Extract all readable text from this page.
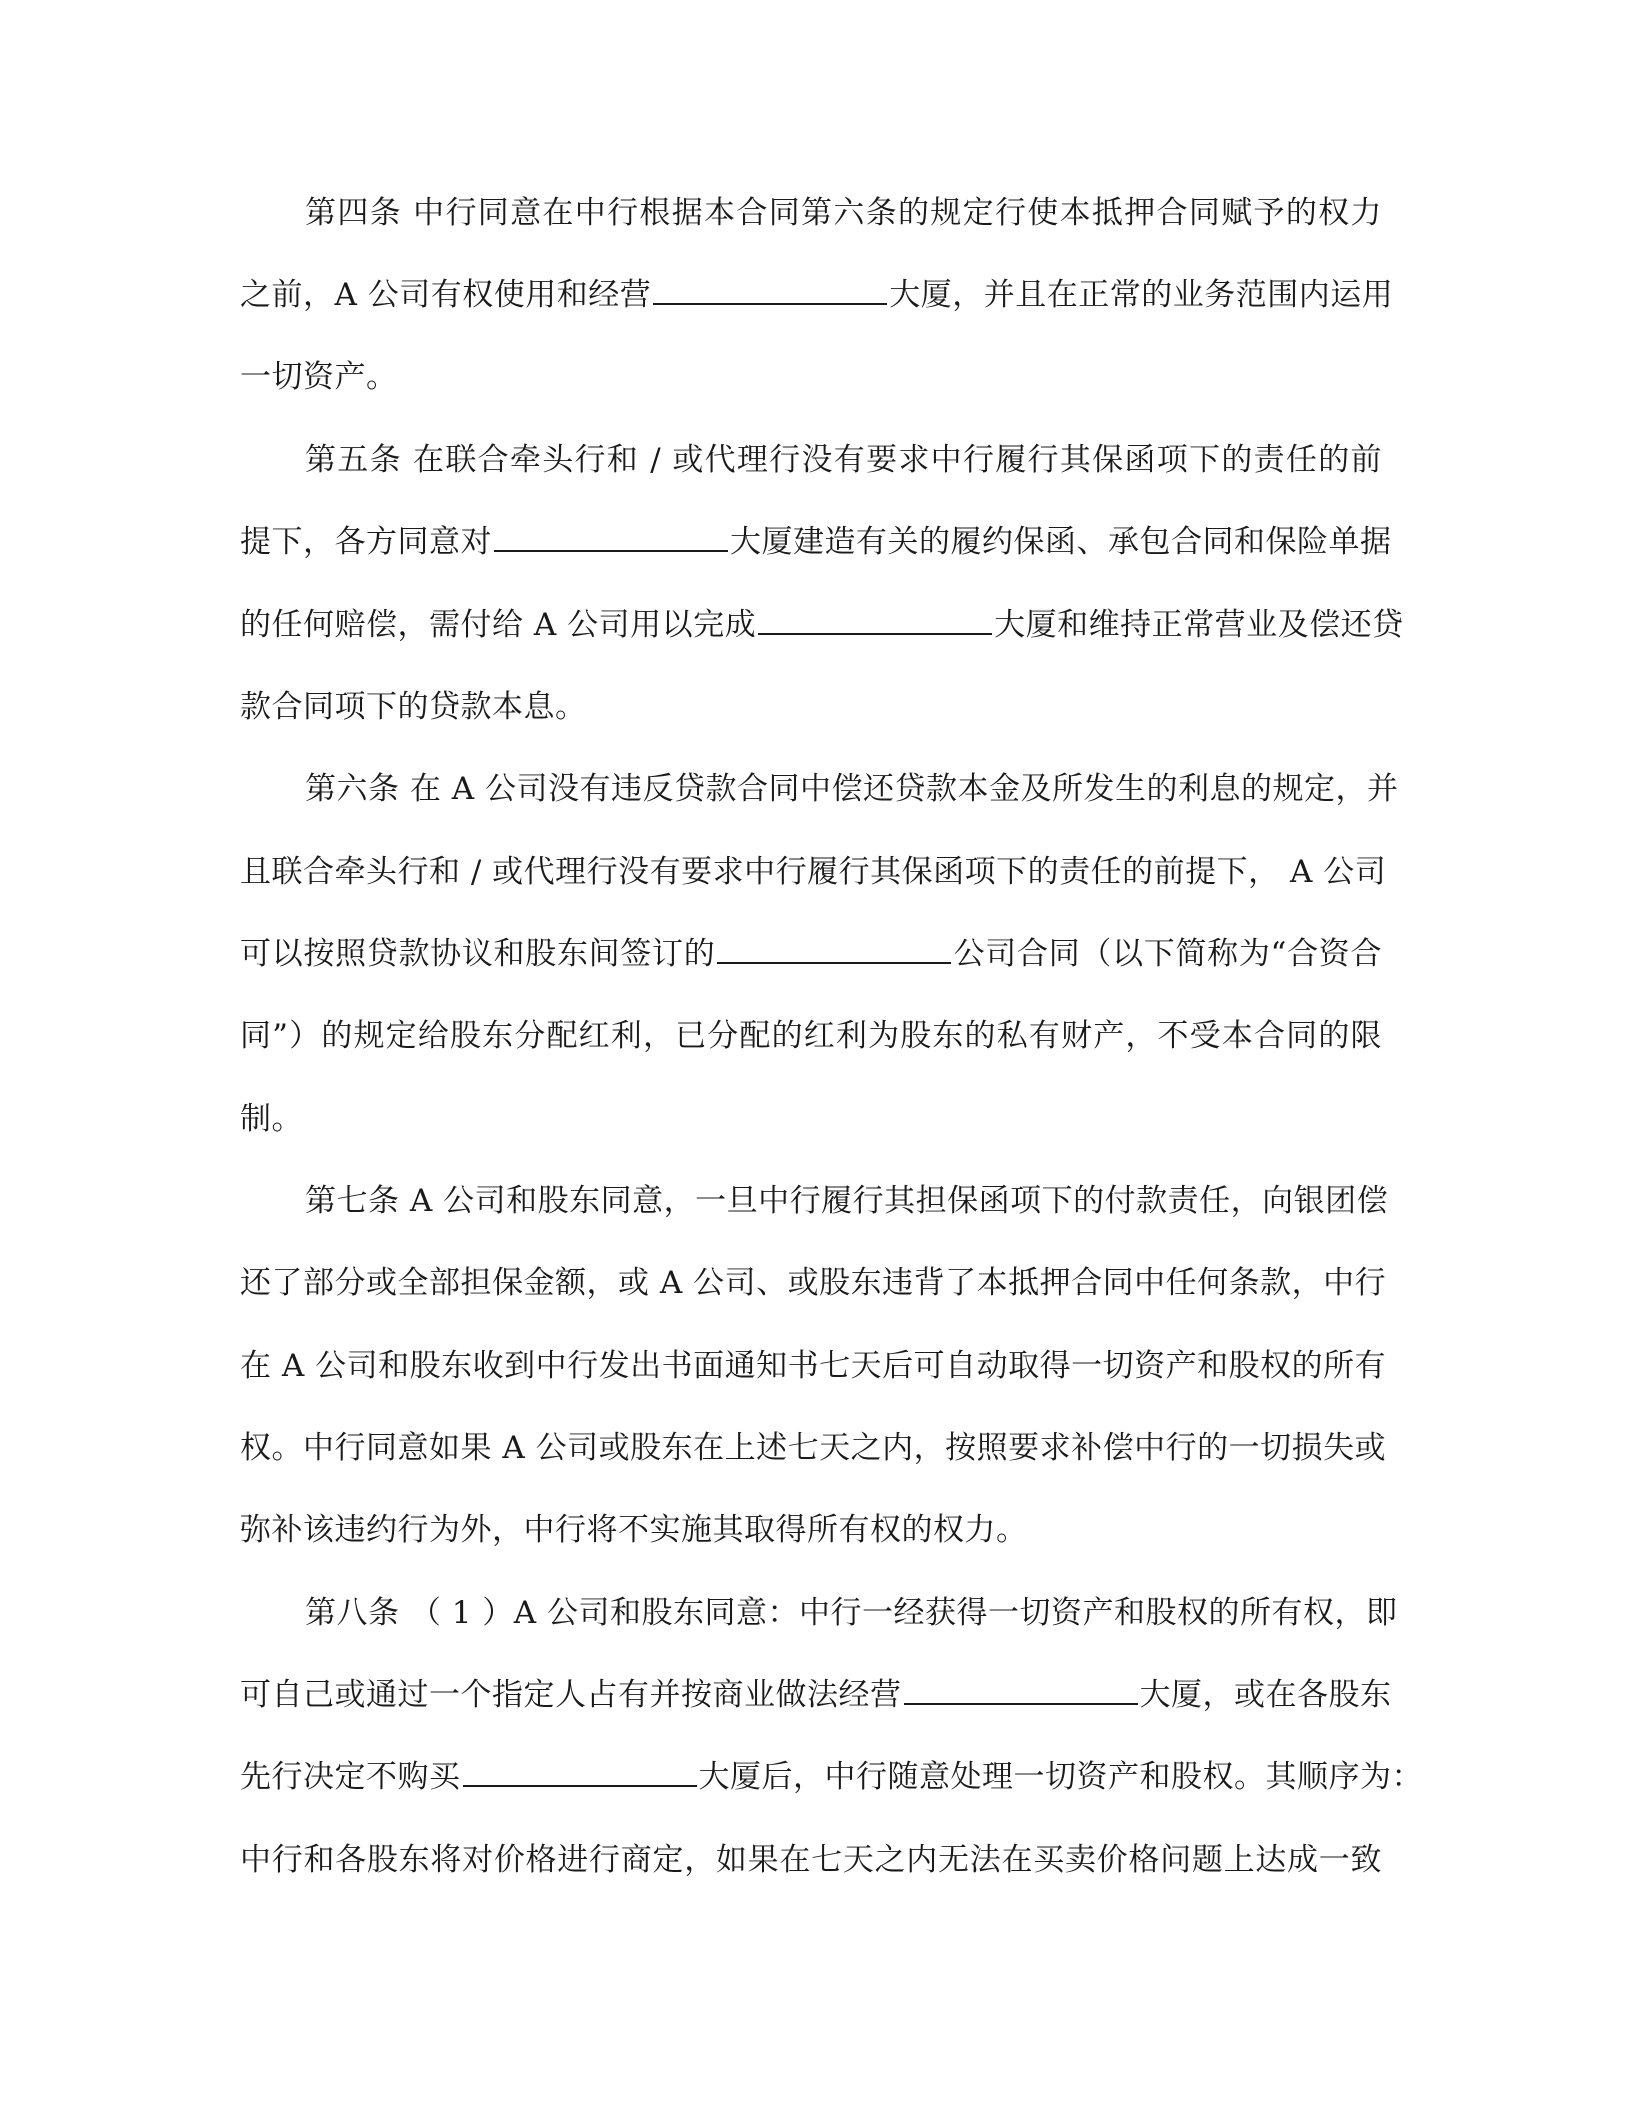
第四条 中行同意在中行根据本合同第六条的规定行使本抵押合同赋予的权力
之前，A 公司有权使用和经营	大厦，并且在正常的业务范围内运用
一切资产。
第五条 在联合牵头行和 / 或代理行没有要求中行履行其保函项下的责任的前
提下，各方同意对	大厦建造有关的履约保函、承包合同和保险单据
的任何赔偿，需付给 A 公司用以完成	大厦和维持正常营业及偿还贷
款合同项下的贷款本息。
第六条 在 A 公司没有违反贷款合同中偿还贷款本金及所发生的利息的规定，并
且联合牵头行和 / 或代理行没有要求中行履行其保函项下的责任的前提下， A 公司
可以按照贷款协议和股东间签订的	公司合同（以下简称为“合资合
同”）的规定给股东分配红利，已分配的红利为股东的私有财产，不受本合同的限
制。
第七条 A 公司和股东同意，一旦中行履行其担保函项下的付款责任，向银团偿
还了部分或全部担保金额，或 A 公司、或股东违背了本抵押合同中任何条款，中行
在 A 公司和股东收到中行发出书面通知书七天后可自动取得一切资产和股权的所有
权。中行同意如果 A 公司或股东在上述七天之内，按照要求补偿中行的一切损失或
弥补该违约行为外，中行将不实施其取得所有权的权力。
第八条 （ 1 ）A 公司和股东同意：中行一经获得一切资产和股权的所有权，即
可自己或通过一个指定人占有并按商业做法经营	大厦，或在各股东
先行决定不购买	大厦后，中行随意处理一切资产和股权。其顺序为：
中行和各股东将对价格进行商定，如果在七天之内无法在买卖价格问题上达成一致
